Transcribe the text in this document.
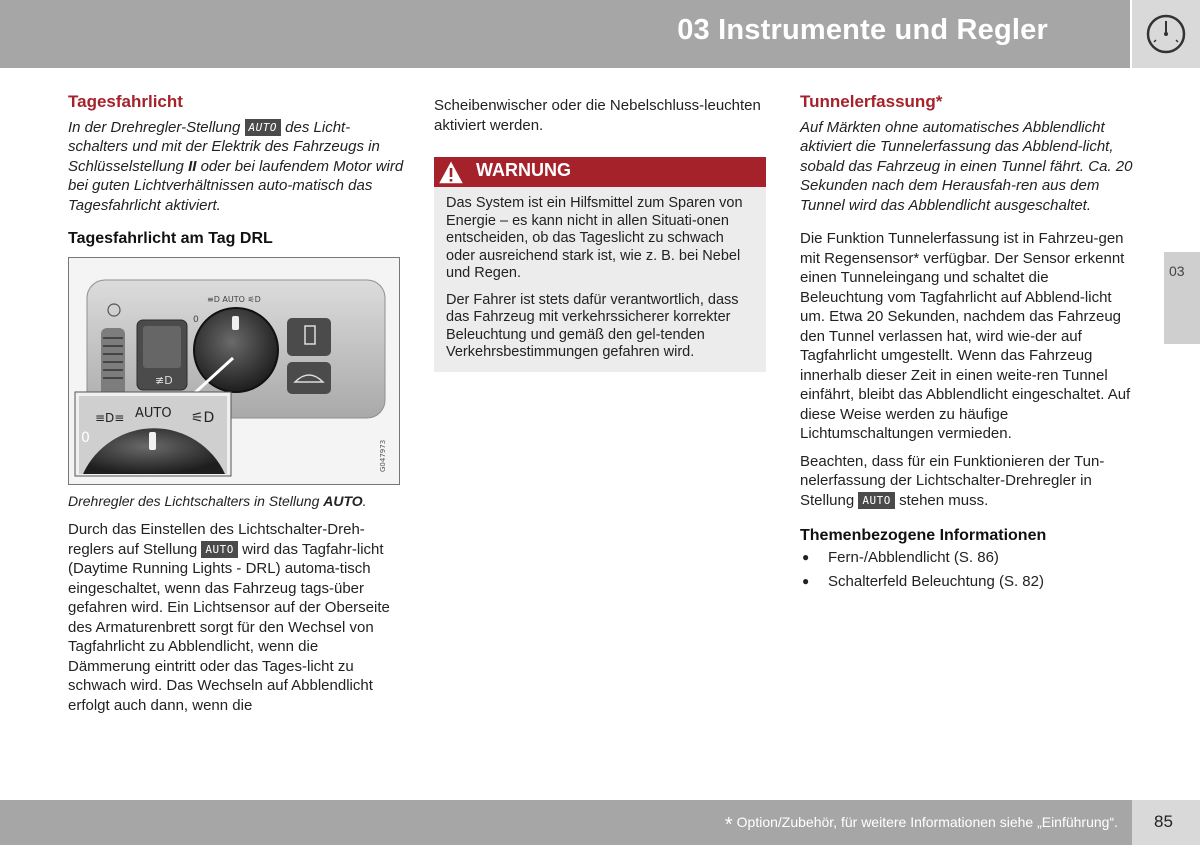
03 Instrumente und Regler
03
Tagesfahrlicht

In der Drehregler-Stellung AUTO des Licht-schalters und mit der Elektrik des Fahrzeugs in Schlüsselstellung II oder bei laufendem Motor wird bei guten Lichtverhältnissen auto-matisch das Tagesfahrlicht aktiviert.

Tagesfahrlicht am Tag DRL
≢D
≡D AUTO ⚟D
0
≡D≡ AUTO ⚟D
0
G047973

Drehregler des Lichtschalters in Stellung AUTO.

Durch das Einstellen des Lichtschalter-Dreh-reglers auf Stellung AUTO wird das Tagfahr-licht (Daytime Running Lights - DRL) automa-tisch eingeschaltet, wenn das Fahrzeug tags-über gefahren wird. Ein Lichtsensor auf der Oberseite des Armaturenbrett sorgt für den Wechsel von Tagfahrlicht zu Abblendlicht, wenn die Dämmerung eintritt oder das Tages-licht zu schwach wird. Das Wechseln auf Abblendlicht erfolgt auch dann, wenn die

Scheibenwischer oder die Nebelschluss-leuchten aktiviert werden.

WARNUNG

Das System ist ein Hilfsmittel zum Sparen von Energie – es kann nicht in allen Situati-onen entscheiden, ob das Tageslicht zu schwach oder ausreichend stark ist, wie z. B. bei Nebel und Regen.

Der Fahrer ist stets dafür verantwortlich, dass das Fahrzeug mit verkehrssicherer korrekter Beleuchtung und gemäß den gel-tenden Verkehrsbestimmungen gefahren wird.

Tunnelerfassung*

Auf Märkten ohne automatisches Abblendlicht aktiviert die Tunnelerfassung das Abblend-licht, sobald das Fahrzeug in einen Tunnel fährt. Ca. 20 Sekunden nach dem Herausfah-ren aus dem Tunnel wird das Abblendlicht ausgeschaltet.

Die Funktion Tunnelerfassung ist in Fahrzeu-gen mit Regensensor* verfügbar. Der Sensor erkennt einen Tunneleingang und schaltet die Beleuchtung vom Tagfahrlicht auf Abblend-licht um. Etwa 20 Sekunden, nachdem das Fahrzeug den Tunnel verlassen hat, wird wie-der auf Tagfahrlicht umgestellt. Wenn das Fahrzeug innerhalb dieser Zeit in einen weite-ren Tunnel einfährt, bleibt das Abblendlicht eingeschaltet. Auf diese Weise werden zu häufige Lichtumschaltungen vermieden.

Beachten, dass für ein Funktionieren der Tun-nelerfassung der Lichtschalter-Drehregler in Stellung AUTO stehen muss.

Themenbezogene Informationen
● Fern-/Abblendlicht (S. 86)
● Schalterfeld Beleuchtung (S. 82)
* Option/Zubehör, für weitere Informationen siehe „Einführung“. 85
